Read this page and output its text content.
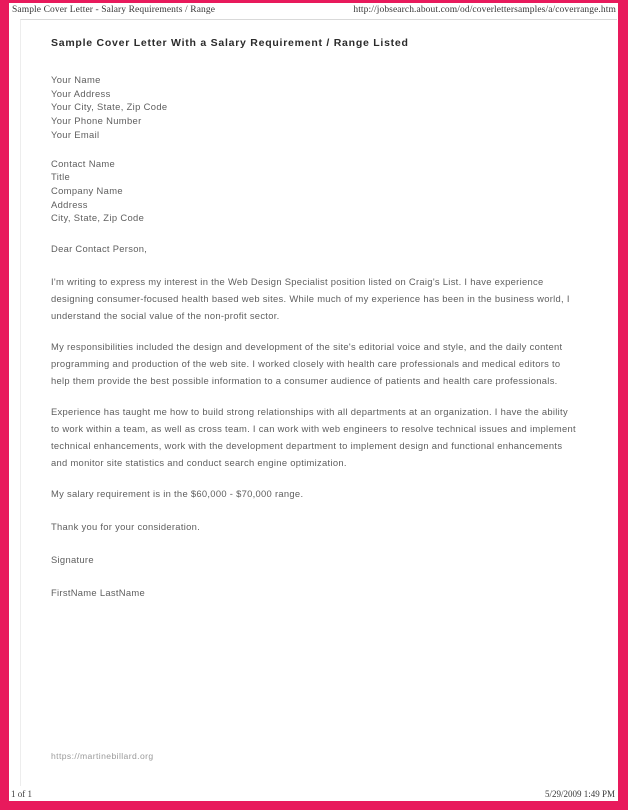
Sample Cover Letter - Salary Requirements / Range	http://jobsearch.about.com/od/coverlettersamples/a/coverrange.htm
Sample Cover Letter With a Salary Requirement / Range Listed
Your Name
Your Address
Your City, State, Zip Code
Your Phone Number
Your Email
Contact Name
Title
Company Name
Address
City, State, Zip Code

Dear Contact Person,

I'm writing to express my interest in the Web Design Specialist position listed on Craig's List. I have experience
designing consumer-focused health based web sites. While much of my experience has been in the business world, I
understand the social value of the non-profit sector.

My responsibilities included the design and development of the site's editorial voice and style, and the daily content
programming and production of the web site. I worked closely with health care professionals and medical editors to
help them provide the best possible information to a consumer audience of patients and health care professionals.

Experience has taught me how to build strong relationships with all departments at an organization. I have the ability
to work within a team, as well as cross team. I can work with web engineers to resolve technical issues and implement
technical enhancements, work with the development department to implement design and functional enhancements
and monitor site statistics and conduct search engine optimization.

My salary requirement is in the $60,000 - $70,000 range.

Thank you for your consideration.

Signature

FirstName LastName

https://martinebillard.org
1 of 1	5/29/2009 1:49 PM
